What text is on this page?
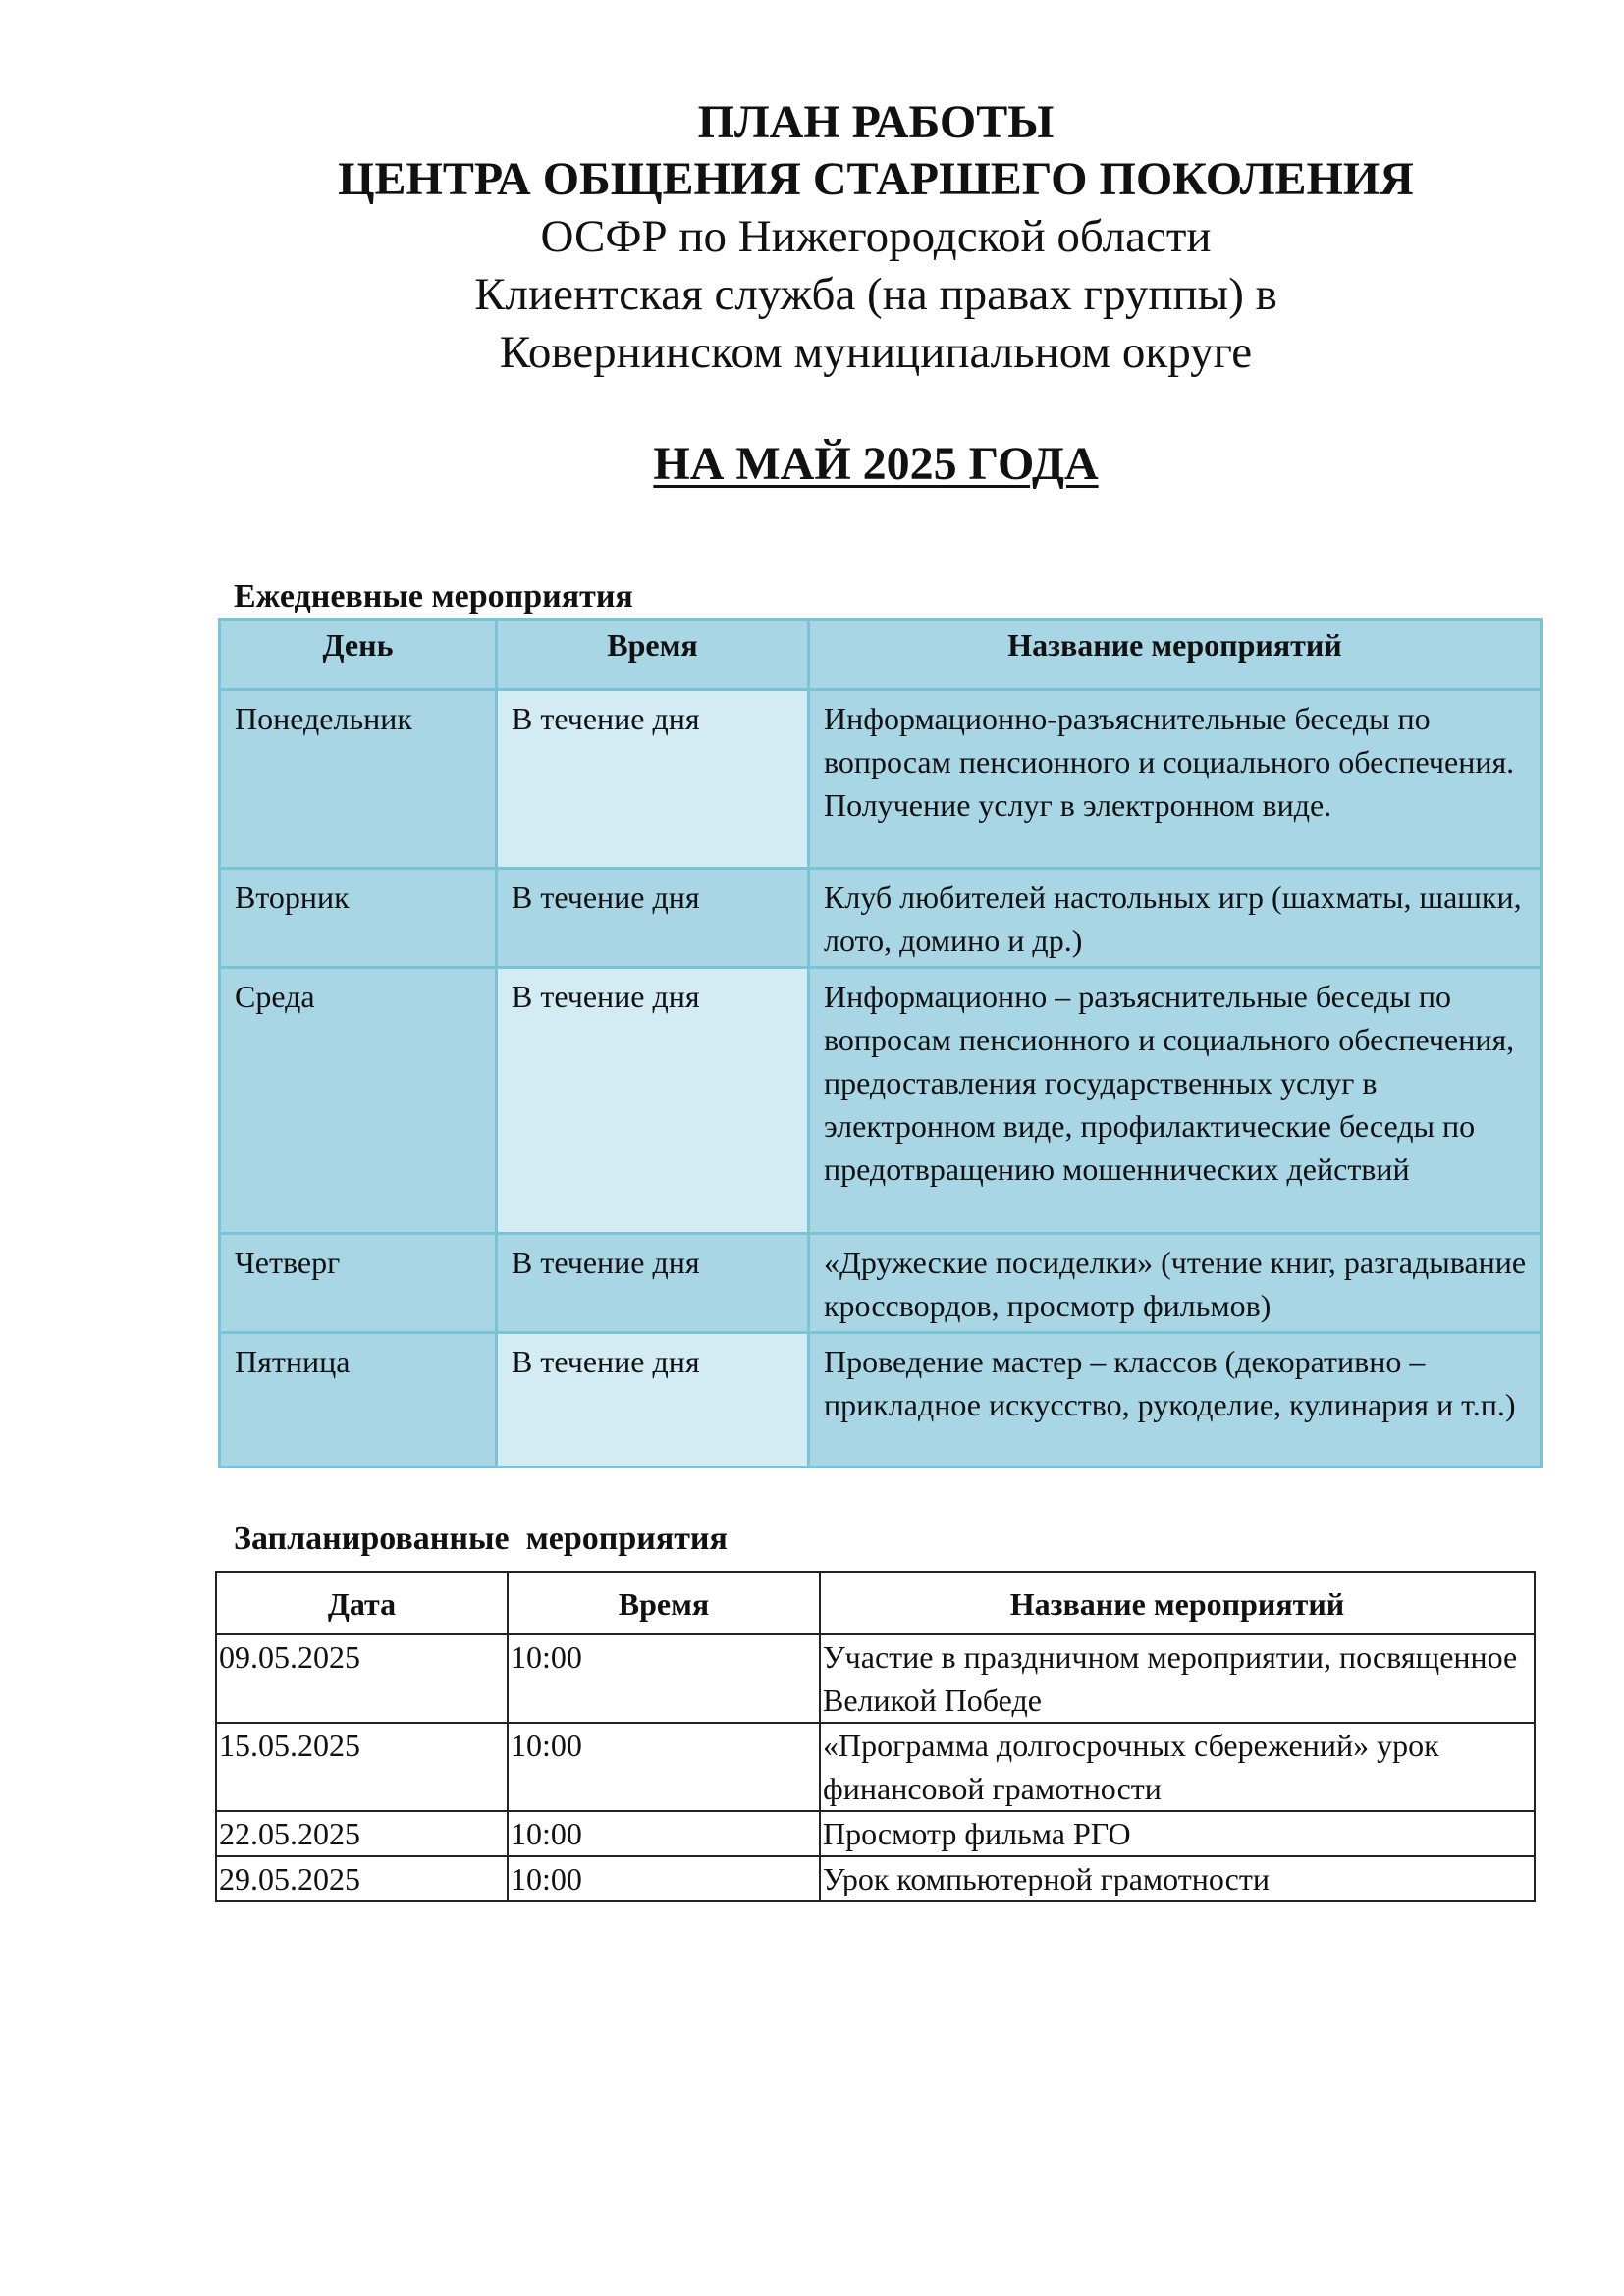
ПЛАН РАБОТЫ
ЦЕНТРА ОБЩЕНИЯ СТАРШЕГО ПОКОЛЕНИЯ
ОСФР по Нижегородской области
Клиентская служба (на правах группы) в
Ковернинском муниципальном округе
НА МАЙ 2025 ГОДА
Ежедневные мероприятия
День	Время	Название мероприятий
Понедельник	В течение дня	Информационно-разъяснительные беседы по вопросам пенсионного и социального обеспечения. Получение услуг в электронном виде.
Вторник	В течение дня	Клуб любителей настольных игр (шахматы, шашки, лото, домино и др.)
Среда	В течение дня	Информационно – разъяснительные беседы по вопросам пенсионного и социального обеспечения, предоставления государственных услуг в электронном виде, профилактические беседы по предотвращению мошеннических действий
Четверг	В течение дня	«Дружеские посиделки» (чтение книг, разгадывание кроссвордов, просмотр фильмов)
Пятница	В течение дня	Проведение мастер – классов (декоративно – прикладное искусство, рукоделие, кулинария и т.п.)
Запланированные  мероприятия
Дата	Время	Название мероприятий
09.05.2025	10:00	Участие в праздничном мероприятии, посвященное Великой Победе
15.05.2025	10:00	«Программа долгосрочных сбережений» урок финансовой грамотности
22.05.2025	10:00	Просмотр фильма РГО
29.05.2025	10:00	Урок компьютерной грамотности
